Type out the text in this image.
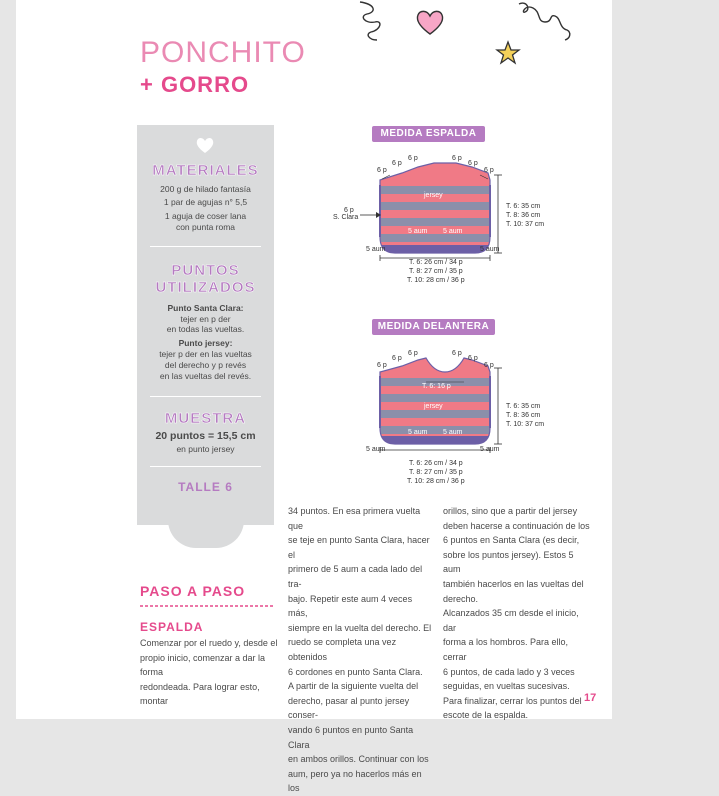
PONCHITO
+ GORRO
MATERIALES
200 g de hilado fantasía
1 par de agujas n° 5,5
1 aguja de coser lana
con punta roma
PUNTOS
UTILIZADOS
Punto Santa Clara:
tejer en p der
en todas las vueltas.
Punto jersey:
tejer p der en las vueltas
del derecho y p revés
en las vueltas del revés.
MUESTRA
20 puntos = 15,5 cm
en punto jersey
TALLE 6
MEDIDA ESPALDA
6 p
6 p
6 p	6 p
6 p
6 p
6 p
S. Clara
jersey
5 aum 5 aum
5 aum	5 aum
T. 6: 35 cm
T. 8: 36 cm
T. 10: 37 cm
T. 6: 26 cm / 34 p
T. 8: 27 cm / 35 p
T. 10: 28 cm / 36 p
MEDIDA DELANTERA
6 p
6 p
6 p	6 p
6 p
6 p
T. 6: 16 p
jersey
5 aum 5 aum
5 aum	5 aum
T. 6: 35 cm
T. 8: 36 cm
T. 10: 37 cm
T. 6: 26 cm / 34 p
T. 8: 27 cm / 35 p
T. 10: 28 cm / 36 p
PASO A PASO
ESPALDA
Comenzar por el ruedo y, desde el
propio inicio, comenzar a dar la forma
redondeada. Para lograr esto, montar
34 puntos. En esa primera vuelta que
se teje en punto Santa Clara, hacer el
primero de 5 aum a cada lado del tra-
bajo. Repetir este aum 4 veces más,
siempre en la vuelta del derecho. El
ruedo se completa una vez obtenidos
6 cordones en punto Santa Clara.
A partir de la siguiente vuelta del
derecho, pasar al punto jersey conser-
vando 6 puntos en punto Santa Clara
en ambos orillos. Continuar con los
aum, pero ya no hacerlos más en los
orillos, sino que a partir del jersey
deben hacerse a continuación de los
6 puntos en Santa Clara (es decir,
sobre los puntos jersey). Estos 5 aum
también hacerlos en las vueltas del
derecho.
Alcanzados 35 cm desde el inicio, dar
forma a los hombros. Para ello, cerrar
6 puntos, de cada lado y 3 veces
seguidas, en vueltas sucesivas.
Para finalizar, cerrar los puntos del
escote de la espalda.
17
